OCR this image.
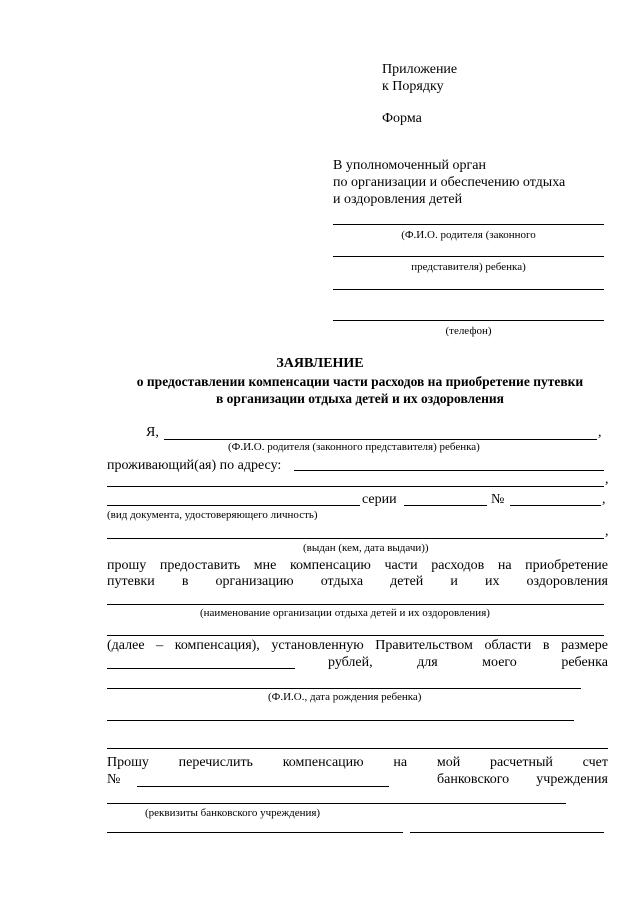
Приложение
к Порядку
Форма
В уполномоченный орган
по организации и обеспечению отдыха
и оздоровления детей
(Ф.И.О. родителя (законного
представителя) ребенка)
(телефон)
ЗАЯВЛЕНИЕ
о предоставлении компенсации части расходов на приобретение путевки
в организации отдыха детей и их оздоровления
Я,	,
(Ф.И.О. родителя (законного представителя) ребенка)
проживающий(ая) по адресу:
,
серии	№	,
(вид документа, удостоверяющего личность)
,
(выдан (кем, дата выдачи))
прошу предоставить мне компенсацию части расходов на приобретение
путевки в организацию отдыха детей и их оздоровления
(наименование организации отдыха детей и их оздоровления)
(далее – компенсация), установленную Правительством области в размере
рублей,	для	моего	ребенка
(Ф.И.О., дата рождения ребенка)
Прошу перечислить компенсацию на мой расчетный счет
№	банковского учреждения
(реквизиты банковского учреждения)
